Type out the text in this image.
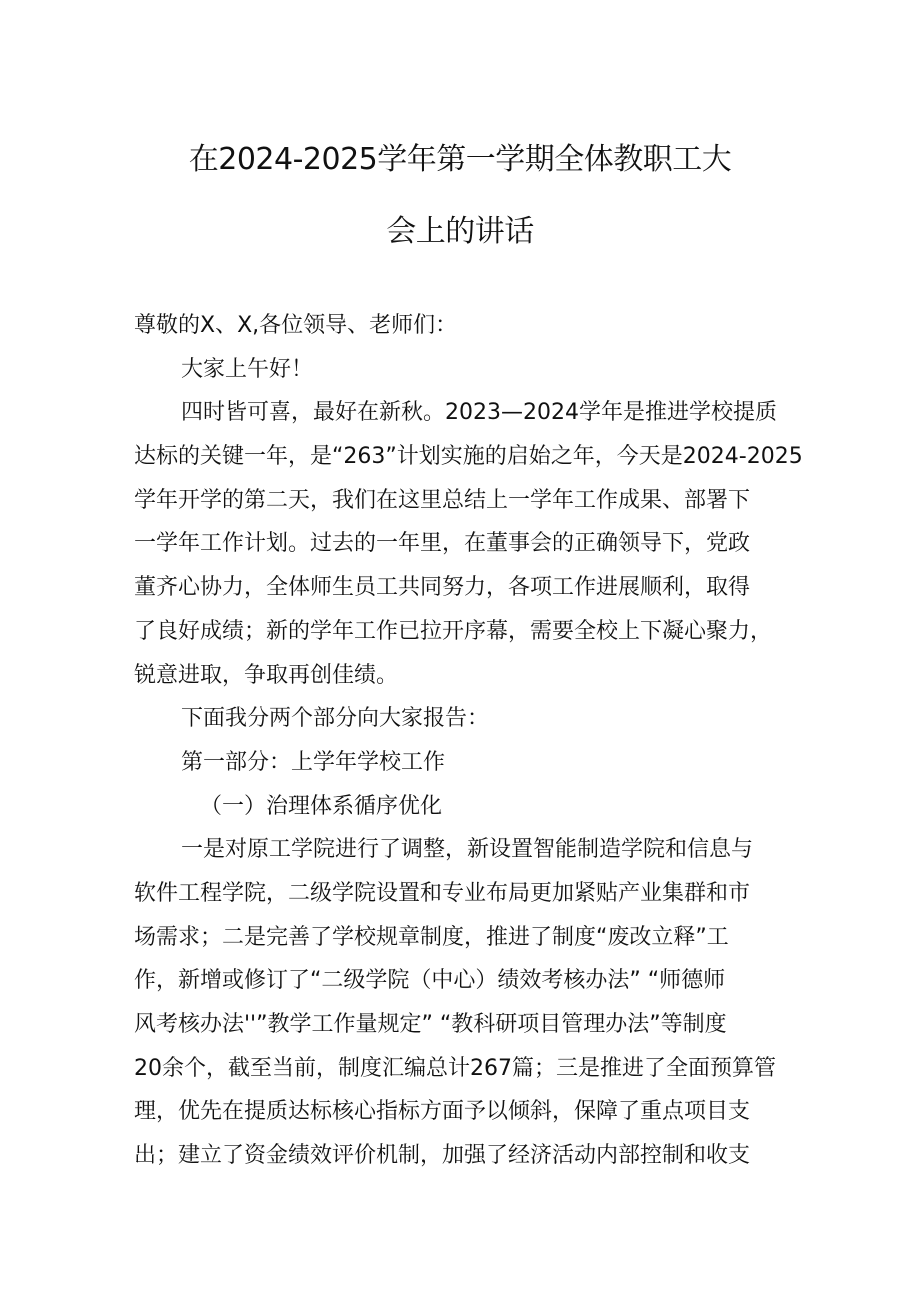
在2024-2025学年第一学期全体教职工大
会上的讲话
尊敬的X、X,各位领导、老师们：
大家上午好！
四时皆可喜，最好在新秋。2023—2024学年是推进学校提质
达标的关键一年，是“263”计划实施的启始之年，今天是2024-2025
学年开学的第二天，我们在这里总结上一学年工作成果、部署下
一学年工作计划。过去的一年里，在董事会的正确领导下，党政
董齐心协力，全体师生员工共同努力，各项工作进展顺利，取得
了良好成绩；新的学年工作已拉开序幕，需要全校上下凝心聚力，
锐意进取，争取再创佳绩。
下面我分两个部分向大家报告：
第一部分：上学年学校工作
（一）治理体系循序优化
一是对原工学院进行了调整，新设置智能制造学院和信息与
软件工程学院，二级学院设置和专业布局更加紧贴产业集群和市
场需求；二是完善了学校规章制度，推进了制度“废改立释”工
作，新增或修订了“二级学院（中心）绩效考核办法” “师德师
风考核办法''”教学工作量规定” “教科研项目管理办法”等制度
20余个，截至当前，制度汇编总计267篇；三是推进了全面预算管
理，优先在提质达标核心指标方面予以倾斜，保障了重点项目支
出；建立了资金绩效评价机制，加强了经济活动内部控制和收支
